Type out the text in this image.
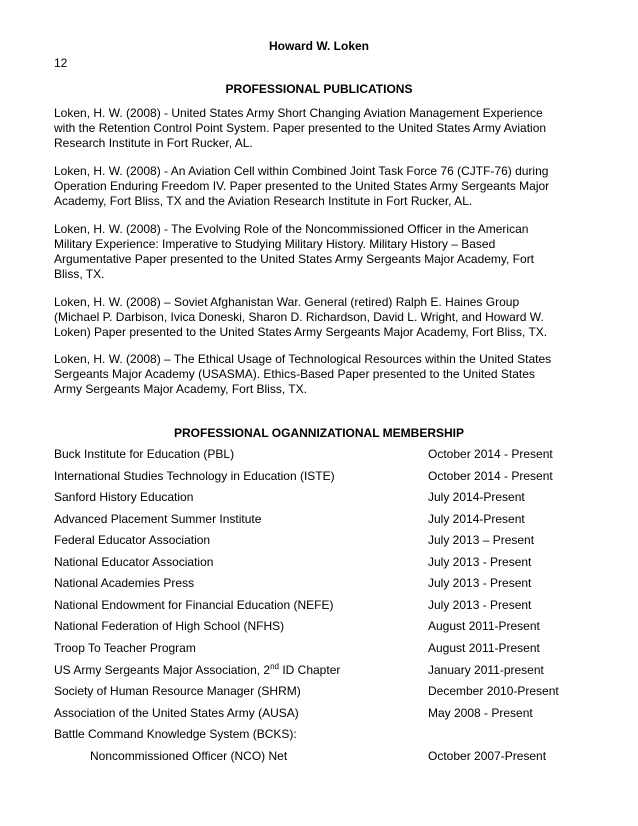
Howard W. Loken
12
PROFESSIONAL PUBLICATIONS
Loken, H. W. (2008) - United States Army Short Changing Aviation Management Experience
with the Retention Control Point System. Paper presented to the United States Army Aviation
Research Institute in Fort Rucker, AL.
Loken, H. W. (2008) - An Aviation Cell within Combined Joint Task Force 76 (CJTF-76) during
Operation Enduring Freedom IV. Paper presented to the United States Army Sergeants Major
Academy, Fort Bliss, TX and the Aviation Research Institute in Fort Rucker, AL.
Loken, H. W. (2008) - The Evolving Role of the Noncommissioned Officer in the American
Military Experience: Imperative to Studying Military History. Military History – Based
Argumentative Paper presented to the United States Army Sergeants Major Academy, Fort
Bliss, TX.
Loken, H. W. (2008) – Soviet Afghanistan War. General (retired) Ralph E. Haines Group
(Michael P. Darbison, Ivica Doneski, Sharon D. Richardson, David L. Wright, and Howard W.
Loken) Paper presented to the United States Army Sergeants Major Academy, Fort Bliss, TX.
Loken, H. W. (2008) – The Ethical Usage of Technological Resources within the United States
Sergeants Major Academy (USASMA). Ethics-Based Paper presented to the United States
Army Sergeants Major Academy, Fort Bliss, TX.
PROFESSIONAL OGANNIZATIONAL MEMBERSHIP
Buck Institute for Education (PBL)	October 2014 - Present
International Studies Technology in Education (ISTE)	October 2014 - Present
Sanford History Education	July 2014-Present
Advanced Placement Summer Institute	July 2014-Present
Federal Educator Association	July 2013 – Present
National Educator Association	July 2013 - Present
National Academies Press	July 2013 - Present
National Endowment for Financial Education (NEFE)	July 2013 - Present
National Federation of High School (NFHS)	August 2011-Present
Troop To Teacher Program	August 2011-Present
US Army Sergeants Major Association, 2nd ID Chapter	January 2011-present
Society of Human Resource Manager (SHRM)	December 2010-Present
Association of the United States Army (AUSA)	May 2008 - Present
Battle Command Knowledge System (BCKS):
Noncommissioned Officer (NCO) Net	October 2007-Present
